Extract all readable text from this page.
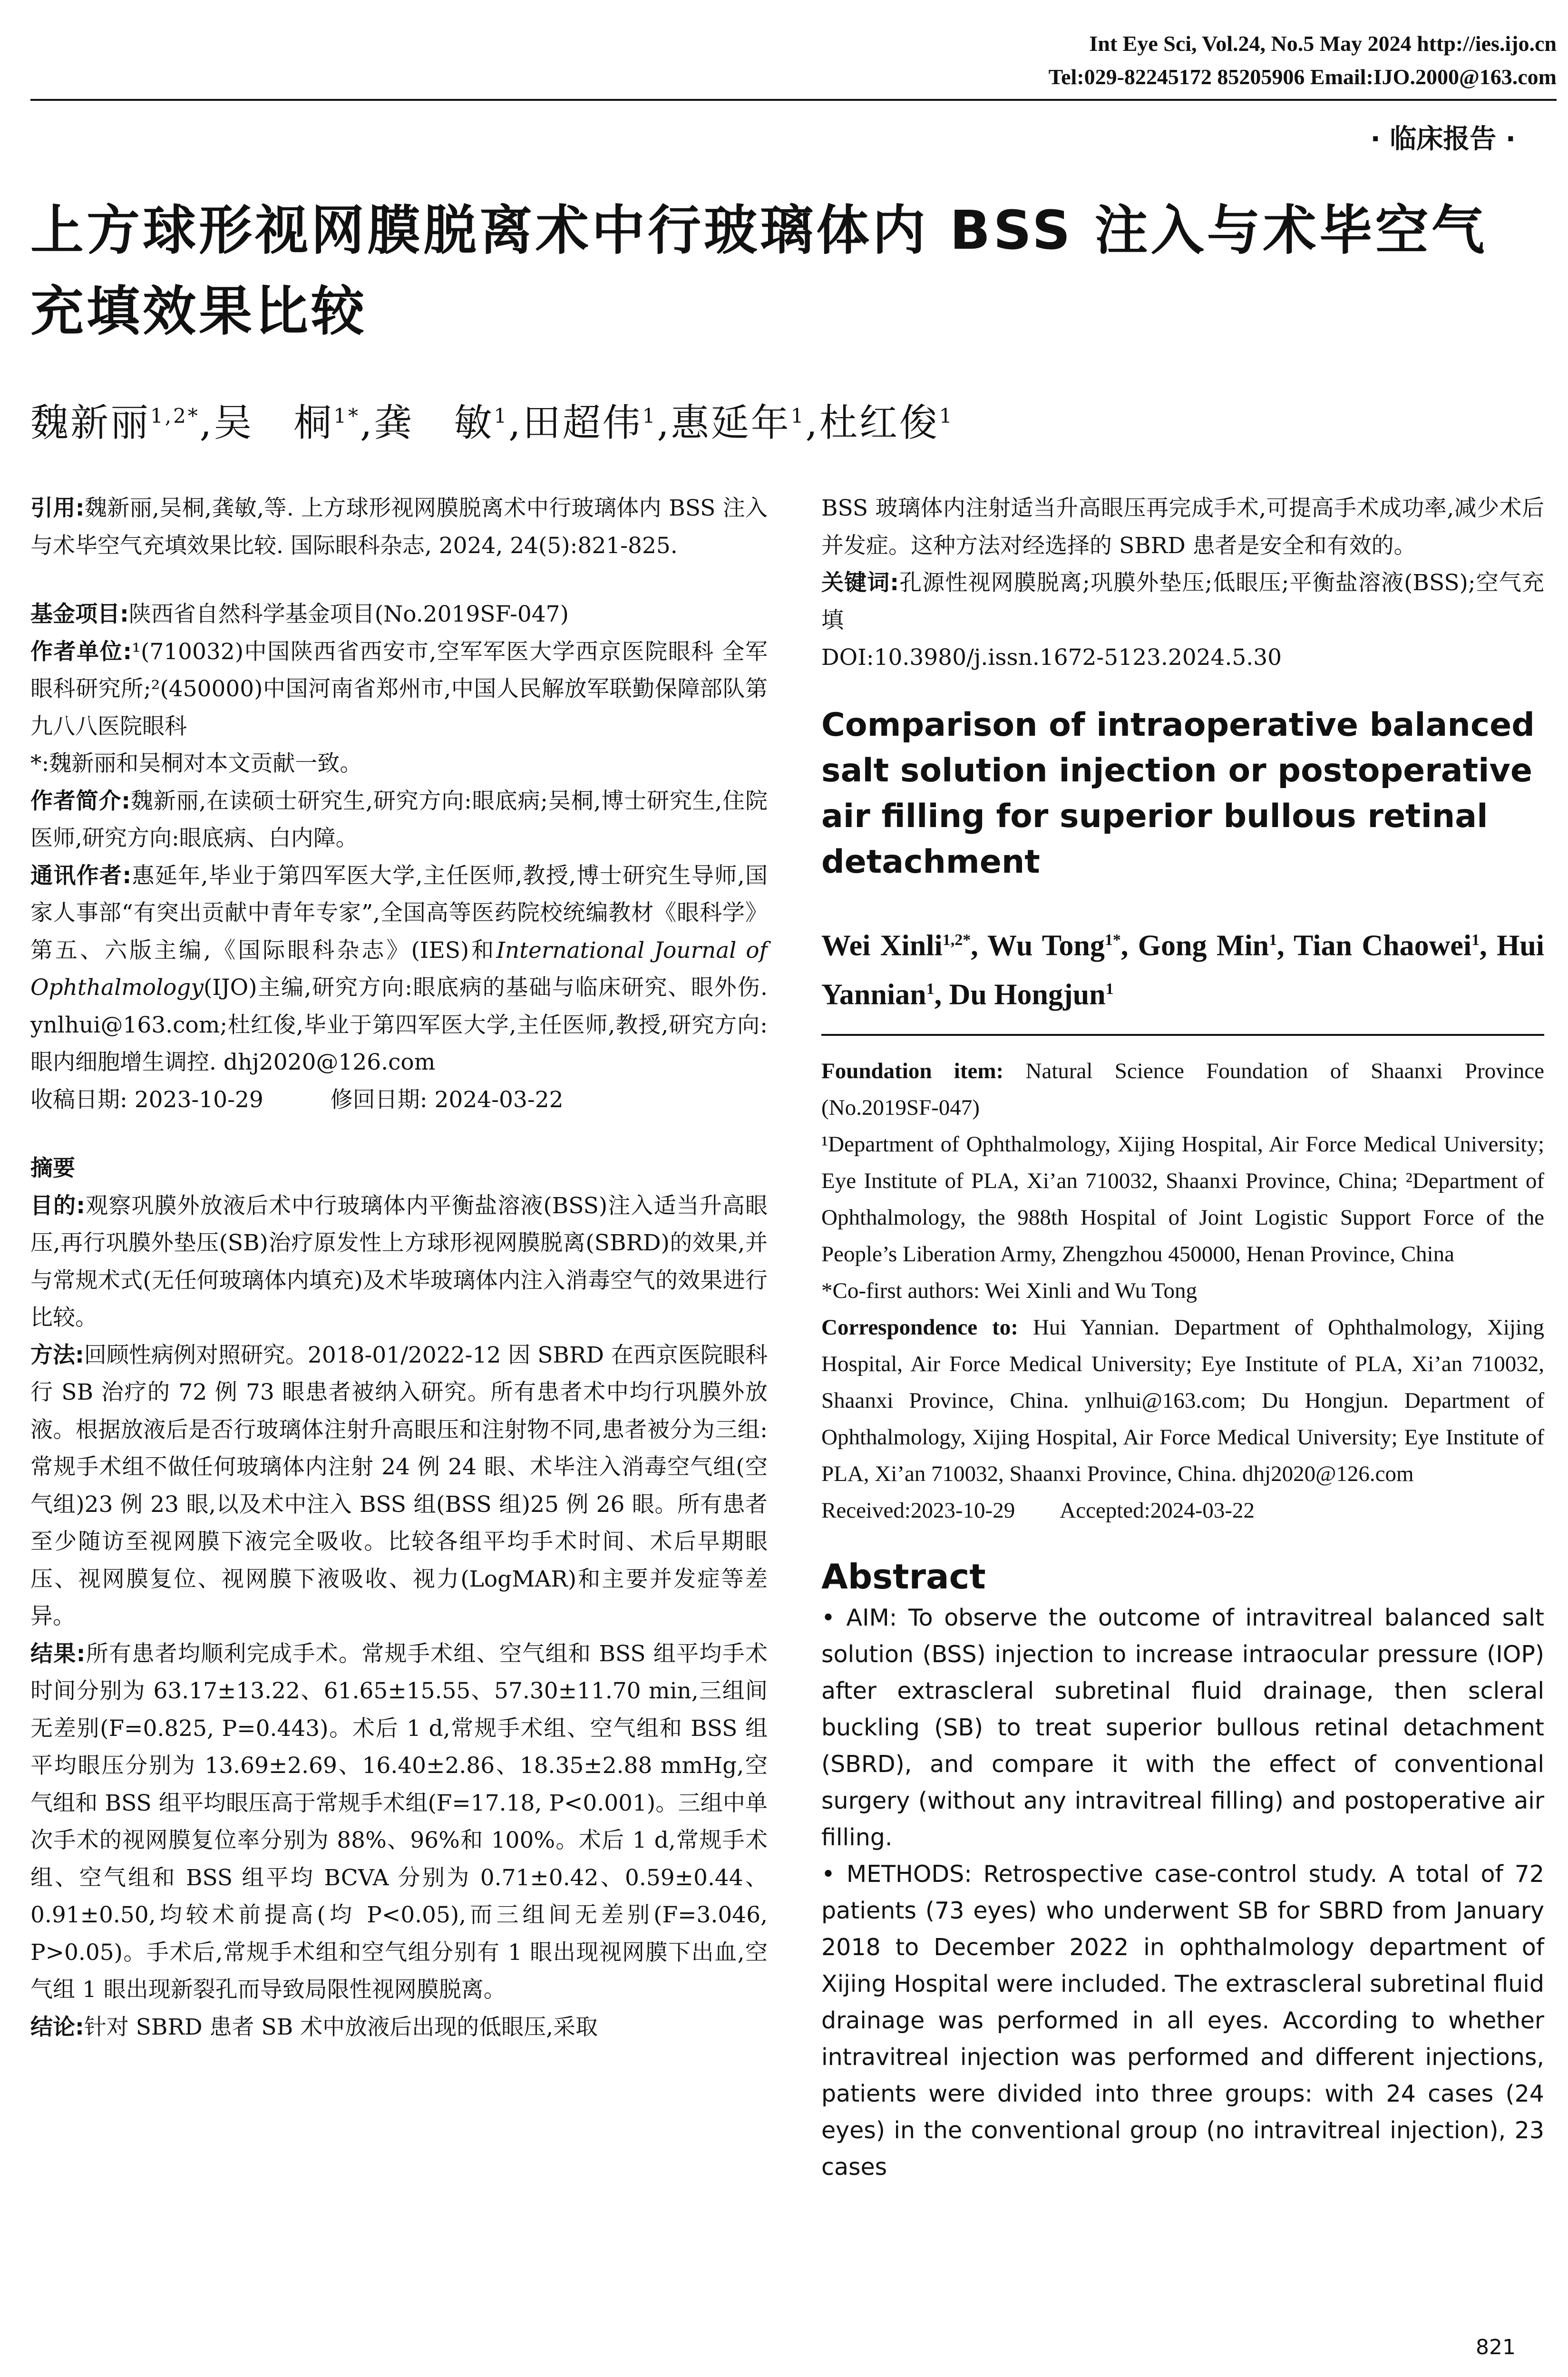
Int Eye Sci, Vol.24, No.5 May 2024 http://ies.ijo.cn
Tel:029-82245172 85205906 Email:IJO.2000@163.com
· 临床报告 ·
上方球形视网膜脱离术中行玻璃体内 BSS 注入与术毕空气充填效果比较
魏新丽$^{1,2*}$,吴　桐$^{1*}$,龚　敏$^1$,田超伟$^1$,惠延年$^1$,杜红俊$^1$

引用:魏新丽,吴桐,龚敏,等. 上方球形视网膜脱离术中行玻璃体内 BSS 注入与术毕空气充填效果比较. 国际眼科杂志, 2024, 24(5):821-825.

基金项目:陕西省自然科学基金项目(No.2019SF-047)

作者单位:¹(710032)中国陕西省西安市,空军军医大学西京医院眼科 全军眼科研究所;²(450000)中国河南省郑州市,中国人民解放军联勤保障部队第九八八医院眼科

*:魏新丽和吴桐对本文贡献一致。

作者简介:魏新丽,在读硕士研究生,研究方向:眼底病;吴桐,博士研究生,住院医师,研究方向:眼底病、白内障。

通讯作者:惠延年,毕业于第四军医大学,主任医师,教授,博士研究生导师,国家人事部“有突出贡献中青年专家”,全国高等医药院校统编教材《眼科学》第五、六版主编,《国际眼科杂志》(IES)和International Journal of Ophthalmology(IJO)主编,研究方向:眼底病的基础与临床研究、眼外伤. ynlhui@163.com;杜红俊,毕业于第四军医大学,主任医师,教授,研究方向:眼内细胞增生调控. dhj2020@126.com

收稿日期: 2023-10-29　　　修回日期: 2024-03-22

摘要

目的:观察巩膜外放液后术中行玻璃体内平衡盐溶液(BSS)注入适当升高眼压,再行巩膜外垫压(SB)治疗原发性上方球形视网膜脱离(SBRD)的效果,并与常规术式(无任何玻璃体内填充)及术毕玻璃体内注入消毒空气的效果进行比较。

方法:回顾性病例对照研究。2018-01/2022-12 因 SBRD 在西京医院眼科行 SB 治疗的 72 例 73 眼患者被纳入研究。所有患者术中均行巩膜外放液。根据放液后是否行玻璃体注射升高眼压和注射物不同,患者被分为三组:常规手术组不做任何玻璃体内注射 24 例 24 眼、术毕注入消毒空气组(空气组)23 例 23 眼,以及术中注入 BSS 组(BSS 组)25 例 26 眼。所有患者至少随访至视网膜下液完全吸收。比较各组平均手术时间、术后早期眼压、视网膜复位、视网膜下液吸收、视力(LogMAR)和主要并发症等差异。

结果:所有患者均顺利完成手术。常规手术组、空气组和 BSS 组平均手术时间分别为 63.17±13.22、61.65±15.55、57.30±11.70 min,三组间无差别(F=0.825, P=0.443)。术后 1 d,常规手术组、空气组和 BSS 组平均眼压分别为 13.69±2.69、16.40±2.86、18.35±2.88 mmHg,空气组和 BSS 组平均眼压高于常规手术组(F=17.18, P<0.001)。三组中单次手术的视网膜复位率分别为 88%、96%和 100%。术后 1 d,常规手术组、空气组和 BSS 组平均 BCVA 分别为 0.71±0.42、0.59±0.44、0.91±0.50,均较术前提高(均 P<0.05),而三组间无差别(F=3.046, P>0.05)。手术后,常规手术组和空气组分别有 1 眼出现视网膜下出血,空气组 1 眼出现新裂孔而导致局限性视网膜脱离。

结论:针对 SBRD 患者 SB 术中放液后出现的低眼压,采取

BSS 玻璃体内注射适当升高眼压再完成手术,可提高手术成功率,减少术后并发症。这种方法对经选择的 SBRD 患者是安全和有效的。

关键词:孔源性视网膜脱离;巩膜外垫压;低眼压;平衡盐溶液(BSS);空气充填

DOI:10.3980/j.issn.1672-5123.2024.5.30

Comparison of intraoperative balanced salt solution injection or postoperative air filling for superior bullous retinal detachment
Wei Xinli$^{1,2*}$, Wu Tong$^{1*}$, Gong Min$^1$, Tian Chaowei$^1$, Hui Yannian$^1$, Du Hongjun$^1$

Foundation item: Natural Science Foundation of Shaanxi Province (No.2019SF-047)

¹Department of Ophthalmology, Xijing Hospital, Air Force Medical University; Eye Institute of PLA, Xi’an 710032, Shaanxi Province, China; ²Department of Ophthalmology, the 988th Hospital of Joint Logistic Support Force of the People’s Liberation Army, Zhengzhou 450000, Henan Province, China

*Co-first authors: Wei Xinli and Wu Tong

Correspondence to: Hui Yannian. Department of Ophthalmology, Xijing Hospital, Air Force Medical University; Eye Institute of PLA, Xi’an 710032, Shaanxi Province, China. ynlhui@163.com; Du Hongjun. Department of Ophthalmology, Xijing Hospital, Air Force Medical University; Eye Institute of PLA, Xi’an 710032, Shaanxi Province, China. dhj2020@126.com

Received:2023-10-29　　Accepted:2024-03-22

Abstract

• AIM: To observe the outcome of intravitreal balanced salt solution (BSS) injection to increase intraocular pressure (IOP) after extrascleral subretinal fluid drainage, then scleral buckling (SB) to treat superior bullous retinal detachment (SBRD), and compare it with the effect of conventional surgery (without any intravitreal filling) and postoperative air filling.

• METHODS: Retrospective case-control study. A total of 72 patients (73 eyes) who underwent SB for SBRD from January 2018 to December 2022 in ophthalmology department of Xijing Hospital were included. The extrascleral subretinal fluid drainage was performed in all eyes. According to whether intravitreal injection was performed and different injections, patients were divided into three groups: with 24 cases (24 eyes) in the conventional group (no intravitreal injection), 23 cases

821
